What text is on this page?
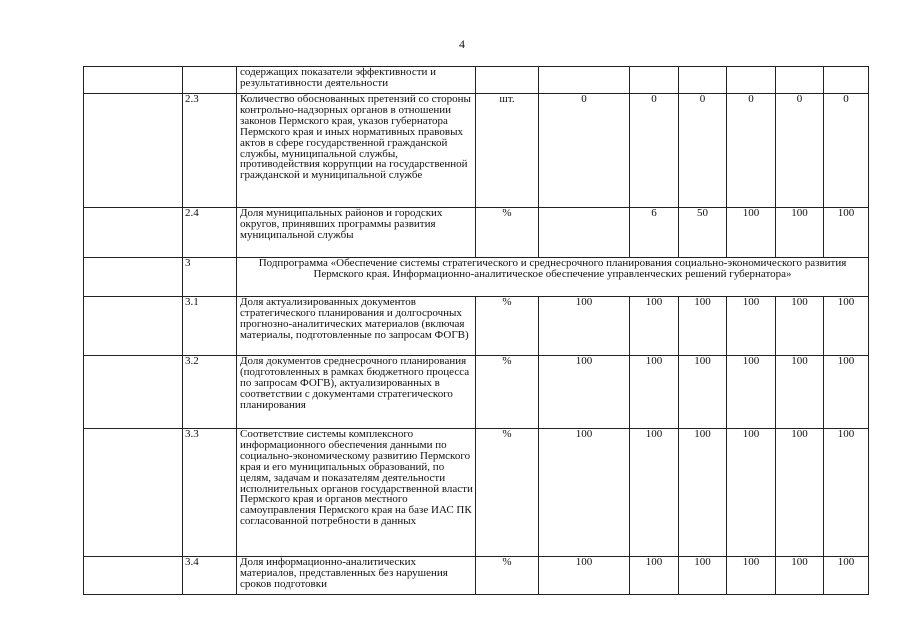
4
		содержащих показатели эффективности и результативности деятельности							
	2.3	Количество обоснованных претензий со стороны контрольно-надзорных органов в отношении законов Пермского края, указов губернатора Пермского края и иных нормативных правовых актов в сфере государственной гражданской службы, муниципальной службы, противодействия коррупции на государственной гражданской и муниципальной службе	шт.	0	0	0	0	0	0
	2.4	Доля муниципальных районов и городских округов, принявших программы развития муниципальной службы	%		6	50	100	100	100
	3	Подпрограмма «Обеспечение системы стратегического и среднесрочного планирования социально-экономического развития Пермского края. Информационно-аналитическое обеспечение управленческих решений губернатора»							
	3.1	Доля актуализированных документов стратегического планирования и долгосрочных прогнозно-аналитических материалов (включая материалы, подготовленные по запросам ФОГВ)	%	100	100	100	100	100	100
	3.2	Доля документов среднесрочного планирования (подготовленных в рамках бюджетного процесса по запросам ФОГВ), актуализированных в соответствии с документами стратегического планирования	%	100	100	100	100	100	100
	3.3	Соответствие системы комплексного информационного обеспечения данными по социально-экономическому развитию Пермского края и его муниципальных образований, по целям, задачам и показателям деятельности исполнительных органов государственной власти Пермского края и органов местного самоуправления Пермского края на базе ИАС ПК согласованной потребности в данных	%	100	100	100	100	100	100
	3.4	Доля информационно-аналитических материалов, представленных без нарушения сроков подготовки	%	100	100	100	100	100	100
